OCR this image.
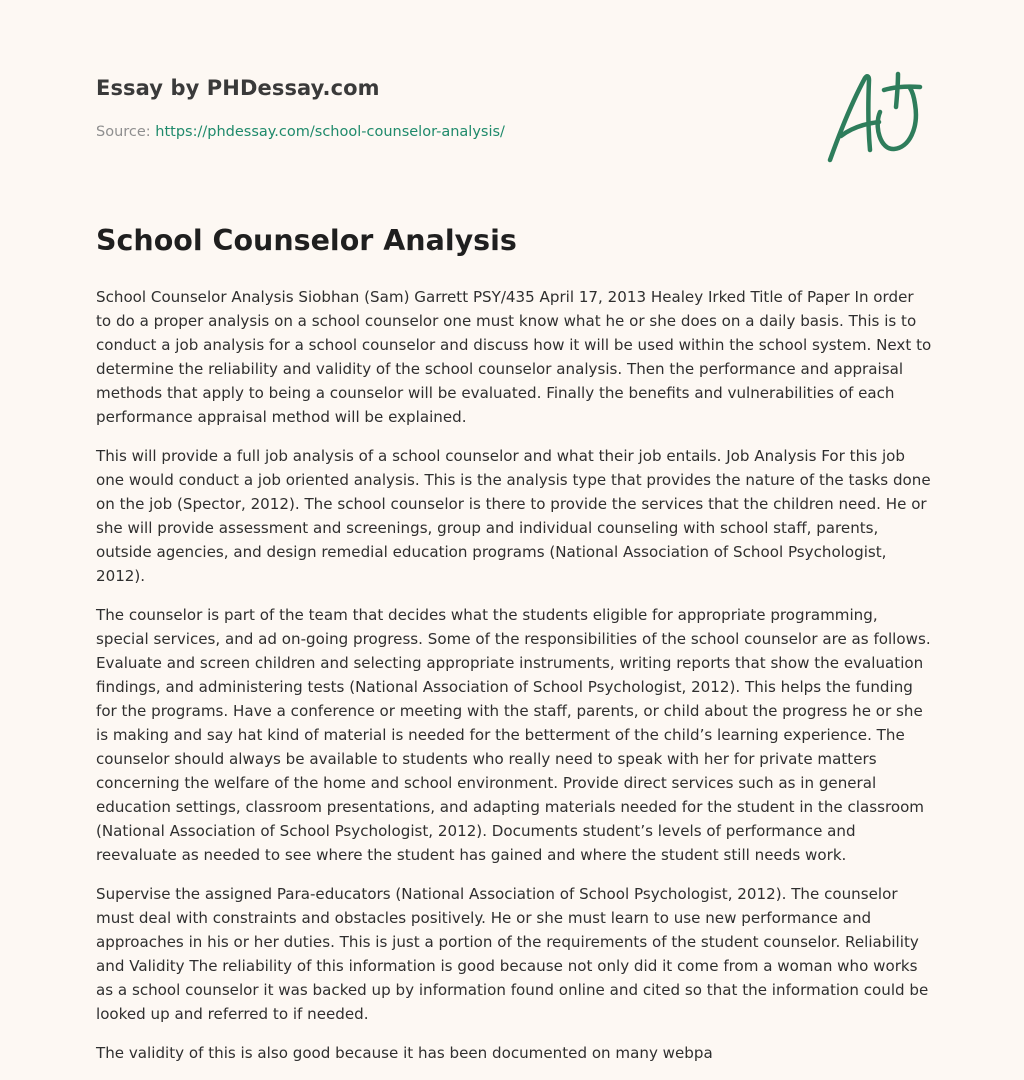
Essay by PHDessay.com
Source: https://phdessay.com/school-counselor-analysis/
School Counselor Analysis

School Counselor Analysis Siobhan (Sam) Garrett PSY/435 April 17, 2013 Healey Irked Title of Paper In order to do a proper analysis on a school counselor one must know what he or she does on a daily basis. This is to conduct a job analysis for a school counselor and discuss how it will be used within the school system. Next to determine the reliability and validity of the school counselor analysis. Then the performance and appraisal methods that apply to being a counselor will be evaluated. Finally the benefits and vulnerabilities of each performance appraisal method will be explained.

This will provide a full job analysis of a school counselor and what their job entails. Job Analysis For this job one would conduct a job oriented analysis. This is the analysis type that provides the nature of the tasks done on the job (Spector, 2012). The school counselor is there to provide the services that the children need. He or she will provide assessment and screenings, group and individual counseling with school staff, parents, outside agencies, and design remedial education programs (National Association of School Psychologist, 2012).

The counselor is part of the team that decides what the students eligible for appropriate programming, special services, and ad on-going progress. Some of the responsibilities of the school counselor are as follows. Evaluate and screen children and selecting appropriate instruments, writing reports that show the evaluation findings, and administering tests (National Association of School Psychologist, 2012). This helps the funding for the programs. Have a conference or meeting with the staff, parents, or child about the progress he or she is making and say hat kind of material is needed for the betterment of the child’s learning experience. The counselor should always be available to students who really need to speak with her for private matters concerning the welfare of the home and school environment. Provide direct services such as in general education settings, classroom presentations, and adapting materials needed for the student in the classroom (National Association of School Psychologist, 2012). Documents student’s levels of performance and reevaluate as needed to see where the student has gained and where the student still needs work.

Supervise the assigned Para-educators (National Association of School Psychologist, 2012). The counselor must deal with constraints and obstacles positively. He or she must learn to use new performance and approaches in his or her duties. This is just a portion of the requirements of the student counselor. Reliability and Validity The reliability of this information is good because not only did it come from a woman who works as a school counselor it was backed up by information found online and cited so that the information could be looked up and referred to if needed.

The validity of this is also good because it has been documented on many webpa
